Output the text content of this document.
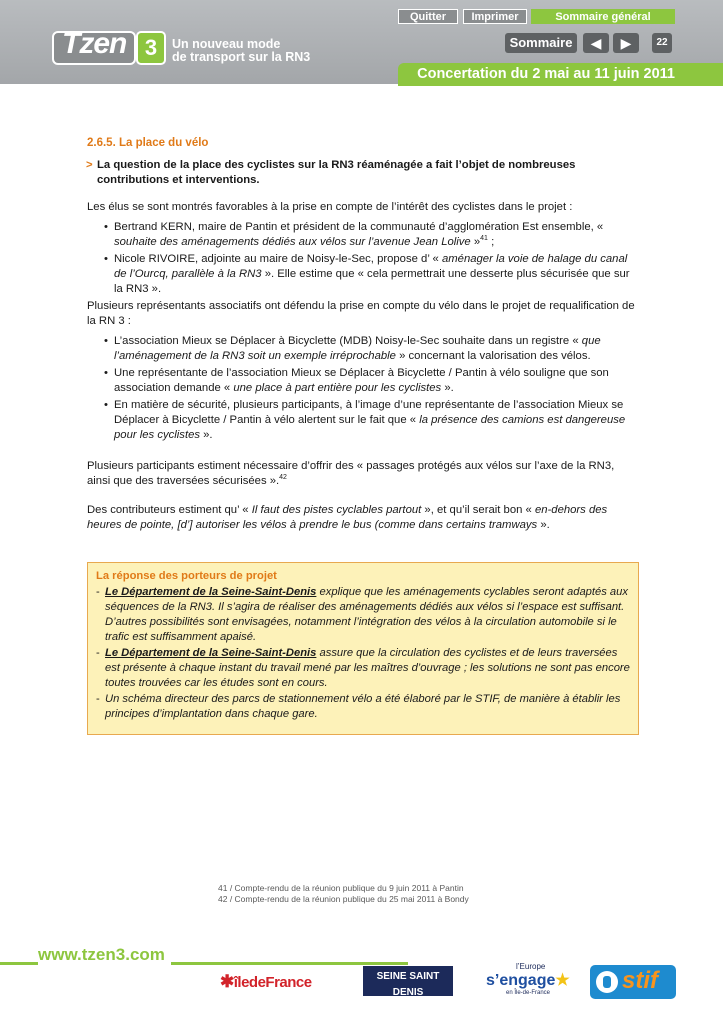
Tzen 3	Un nouveau mode
de transport sur la RN3
Quitter	Imprimer	Sommaire général
Sommaire	◀	▶	22
Concertation du 2 mai au 11 juin 2011
2.6.5. La place du vélo
> La question de la place des cyclistes sur la RN3 réaménagée a fait l’objet de nombreuses contributions et interventions.

Les élus se sont montrés favorables à la prise en compte de l’intérêt des cyclistes dans le projet :

• Bertrand KERN, maire de Pantin et président de la communauté d’agglomération Est ensemble, « souhaite des aménagements dédiés aux vélos sur l’avenue Jean Lolive »$^{41}$ ;
• Nicole RIVOIRE, adjointe au maire de Noisy-le-Sec, propose d’ « aménager la voie de halage du canal de l’Ourcq, parallèle à la RN3 ». Elle estime que « cela permettrait une desserte plus sécurisée que sur la RN3 ».

Plusieurs représentants associatifs ont défendu la prise en compte du vélo dans le projet de requalification de la RN 3 :

• L’association Mieux se Déplacer à Bicyclette (MDB) Noisy-le-Sec souhaite dans un registre « que l’aménagement de la RN3 soit un exemple irréprochable » concernant la valorisation des vélos.
• Une représentante de l’association Mieux se Déplacer à Bicyclette / Pantin à vélo souligne que son association demande « une place à part entière pour les cyclistes ».
• En matière de sécurité, plusieurs participants, à l’image d’une représentante de l’association Mieux se Déplacer à Bicyclette / Pantin à vélo alertent sur le fait que « la présence des camions est dangereuse pour les cyclistes ».

Plusieurs participants estiment nécessaire d’offrir des « passages protégés aux vélos sur l’axe de la RN3, ainsi que des traversées sécurisées ».$^{42}$

Des contributeurs estiment qu’ « Il faut des pistes cyclables partout », et qu’il serait bon « en-dehors des heures de pointe, [d’] autoriser les vélos à prendre le bus (comme dans certains tramways ».

La réponse des porteurs de projet
- Le Département de la Seine-Saint-Denis explique que les aménagements cyclables seront adaptés aux séquences de la RN3. Il s’agira de réaliser des aménagements dédiés aux vélos si l’espace est suffisant. D’autres possibilités sont envisagées, notamment l’intégration des vélos à la circulation automobile si le trafic est suffisamment apaisé.
- Le Département de la Seine-Saint-Denis assure que la circulation des cyclistes et de leurs traversées est présente à chaque instant du travail mené par les maîtres d’ouvrage ; les solutions ne sont pas encore toutes trouvées car les études sont en cours.
- Un schéma directeur des parcs de stationnement vélo a été élaboré par le STIF, de manière à établir les principes d’implantation dans chaque gare.
41 / Compte-rendu de la réunion publique du 9 juin 2011 à Pantin
42 / Compte-rendu de la réunion publique du 25 mai 2011 à Bondy
www.tzen3.com
✱îledeFrance	SEINE SAINT DENIS
LE DÉPARTEMENT
l’Europe
s’engage★
en Île-de-France	stif
